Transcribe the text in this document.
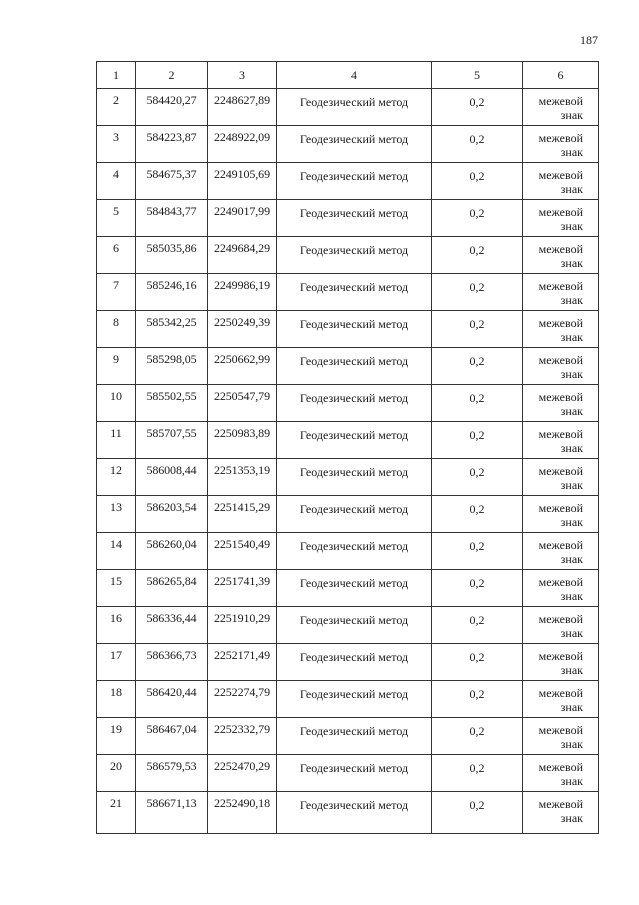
187
1	2	3	4	5	6
2	584420,27	2248627,89	Геодезический метод	0,2	межевой
знак

3	584223,87	2248922,09	Геодезический метод	0,2	межевой
знак

4	584675,37	2249105,69	Геодезический метод	0,2	межевой
знак

5	584843,77	2249017,99	Геодезический метод	0,2	межевой
знак

6	585035,86	2249684,29	Геодезический метод	0,2	межевой
знак

7	585246,16	2249986,19	Геодезический метод	0,2	межевой
знак

8	585342,25	2250249,39	Геодезический метод	0,2	межевой
знак

9	585298,05	2250662,99	Геодезический метод	0,2	межевой
знак

10	585502,55	2250547,79	Геодезический метод	0,2	межевой
знак

11	585707,55	2250983,89	Геодезический метод	0,2	межевой
знак

12	586008,44	2251353,19	Геодезический метод	0,2	межевой
знак

13	586203,54	2251415,29	Геодезический метод	0,2	межевой
знак

14	586260,04	2251540,49	Геодезический метод	0,2	межевой
знак

15	586265,84	2251741,39	Геодезический метод	0,2	межевой
знак

16	586336,44	2251910,29	Геодезический метод	0,2	межевой
знак

17	586366,73	2252171,49	Геодезический метод	0,2	межевой
знак

18	586420,44	2252274,79	Геодезический метод	0,2	межевой
знак

19	586467,04	2252332,79	Геодезический метод	0,2	межевой
знак

20	586579,53	2252470,29	Геодезический метод	0,2	межевой
знак

21	586671,13	2252490,18	Геодезический метод	0,2	межевой
знак
